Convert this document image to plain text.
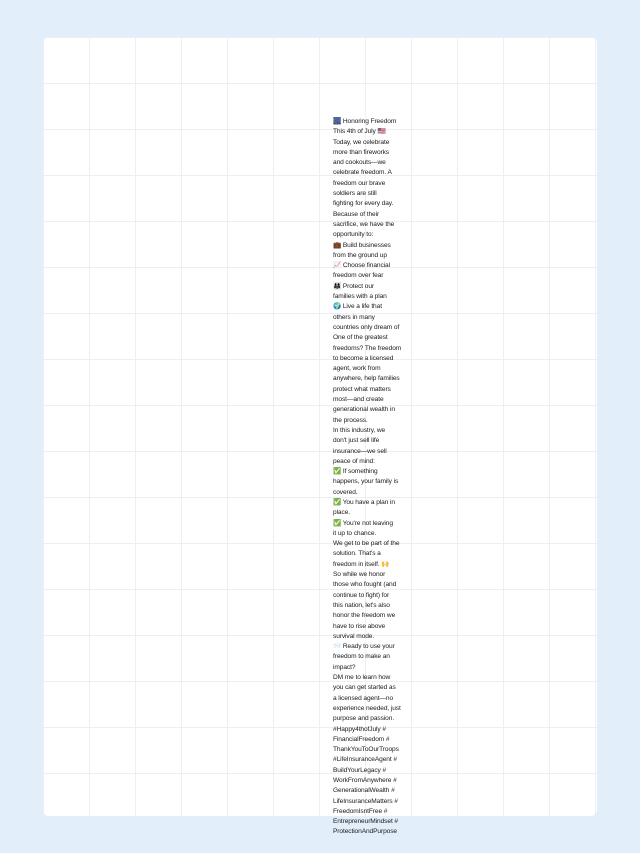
🎆 Honoring Freedom
This 4th of July 🇺🇸
Today, we celebrate
more than fireworks
and cookouts—we
celebrate freedom. A
freedom our brave
soldiers are still
fighting for every day.
Because of their
sacrifice, we have the
opportunity to:
💼 Build businesses
from the ground up
📈 Choose financial
freedom over fear
👨‍👩‍👧 Protect our
families with a plan
🌍 Live a life that
others in many
countries only dream of
One of the greatest
freedoms? The freedom
to become a licensed
agent, work from
anywhere, help families
protect what matters
most—and create
generational wealth in
the process.
In this industry, we
don't just sell life
insurance—we sell
peace of mind:
✅ If something
happens, your family is
covered.
✅ You have a plan in
place.
✅ You're not leaving
it up to chance.
We get to be part of the
solution. That's a
freedom in itself. 🙌
So while we honor
those who fought (and
continue to fight) for
this nation, let's also
honor the freedom we
have to rise above
survival mode.
📨 Ready to use your
freedom to make an
impact?
DM me to learn how
you can get started as
a licensed agent—no
experience needed, just
purpose and passion.
#Happy4thofJuly #
FinancialFreedom #
ThankYouToOurTroops
#LifeInsuranceAgent #
BuildYourLegacy #
WorkFromAnywhere #
GenerationalWealth #
LifeInsuranceMatters #
FreedomIsntFree #
EntrepreneurMindset #
ProtectionAndPurpose
